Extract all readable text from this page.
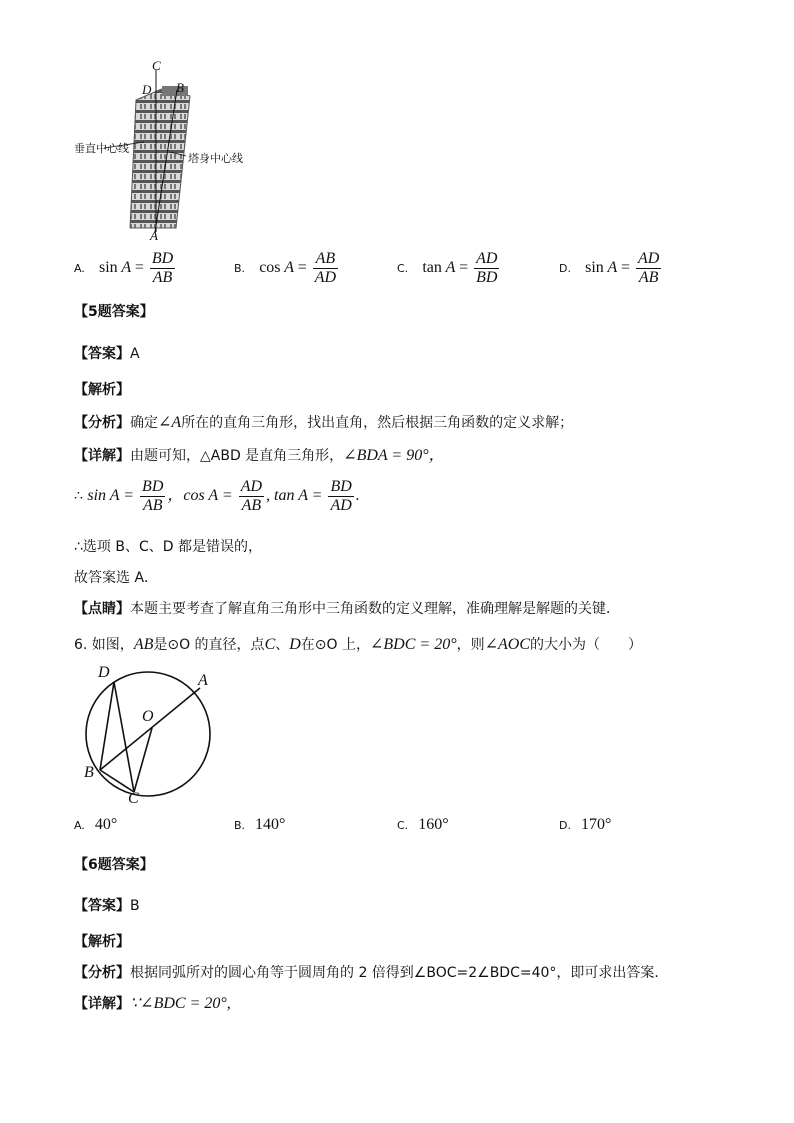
C
D B
A
垂直中心线
塔身中心线
A. $\sin A = \frac{BD}{AB}$	B. $\cos A = \frac{AB}{AD}$	C. $\tan A = \frac{AD}{BD}$	D. $\sin A = \frac{AD}{AB}$
【5题答案】
【答案】A
【解析】
【分析】确定∠A所在的直角三角形，找出直角，然后根据三角函数的定义求解；
【详解】由题可知，△ABD 是直角三角形，∠BDA = 90°，
∴ $\sin A = \frac{BD}{AB}$ ，$\cos A = \frac{AD}{AB}$ , $\tan A = \frac{BD}{AD}$ .
∴选项 B、C、D 都是错误的，
故答案选 A．
【点睛】本题主要考查了解直角三角形中三角函数的定义理解，准确理解是解题的关键．
6. 如图，AB是⊙O 的直径，点C、D在⊙O 上，∠BDC = 20°，则∠AOC的大小为（　　）
D	A
O
B
C
A. 40°	B. 140°	C. 160°	D. 170°
【6题答案】
【答案】B
【解析】
【分析】根据同弧所对的圆心角等于圆周角的 2 倍得到∠BOC=2∠BDC=40°，即可求出答案.
【详解】∵∠BDC = 20°,
